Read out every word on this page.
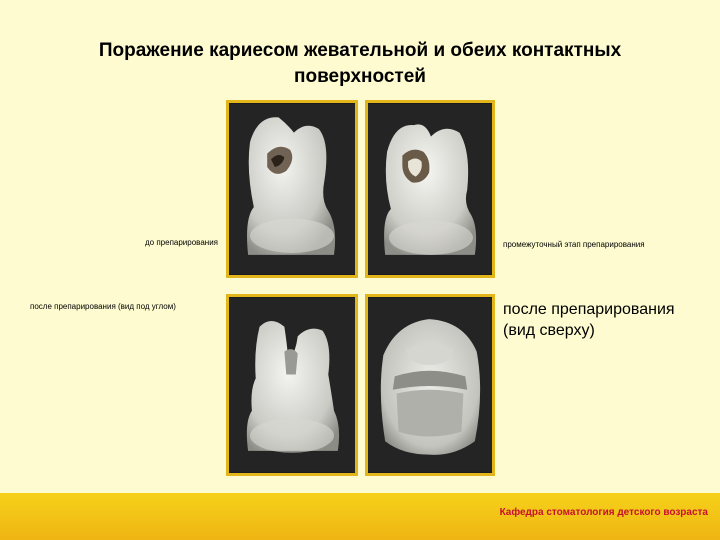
Поражение кариесом жевательной и обеих контактных поверхностей
до препарирования	промежуточный этап препарирования
после препарирования (вид под углом)	после препарирования (вид сверху)
Кафедра стоматология детского возраста
